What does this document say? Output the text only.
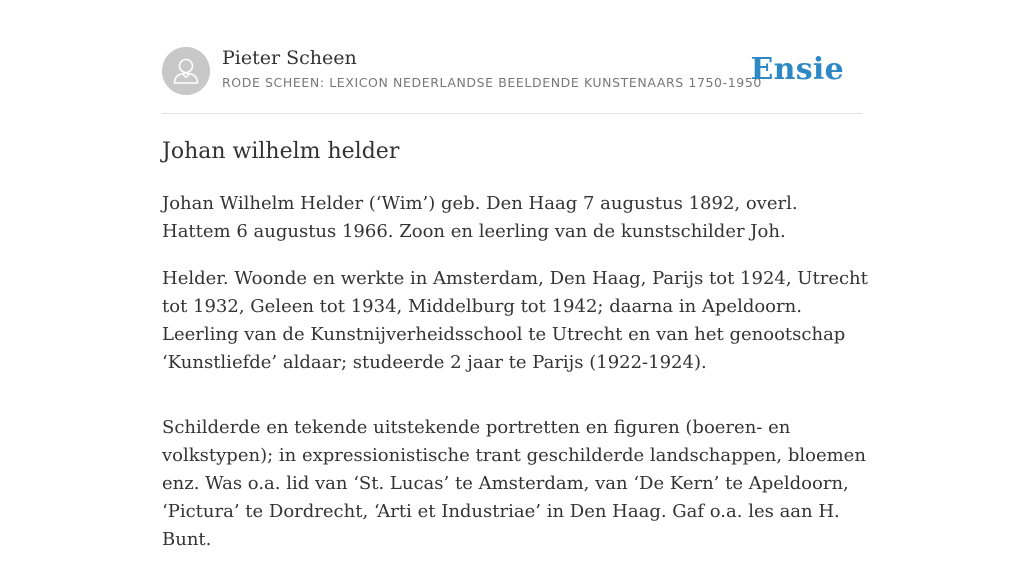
Pieter Scheen
RODE SCHEEN: LEXICON NEDERLANDSE BEELDENDE KUNSTENAARS 1750-1950
Ensie
Johan wilhelm helder

Johan Wilhelm Helder (‘Wim’) geb. Den Haag 7 augustus 1892, overl. Hattem 6 augustus 1966. Zoon en leerling van de kunstschilder Joh.

Helder. Woonde en werkte in Amsterdam, Den Haag, Parijs tot 1924, Utrecht tot 1932, Geleen tot 1934, Middelburg tot 1942; daarna in Apeldoorn. Leerling van de Kunstnijverheidsschool te Utrecht en van het genootschap ‘Kunstliefde’ aldaar; studeerde 2 jaar te Parijs (1922-1924).

Schilderde en tekende uitstekende portretten en figuren (boeren- en volkstypen); in expressionistische trant geschilderde landschappen, bloemen enz. Was o.a. lid van ‘St. Lucas’ te Amsterdam, van ‘De Kern’ te Apeldoorn, ‘Pictura’ te Dordrecht, ‘Arti et Industriae’ in Den Haag. Gaf o.a. les aan H. Bunt.
